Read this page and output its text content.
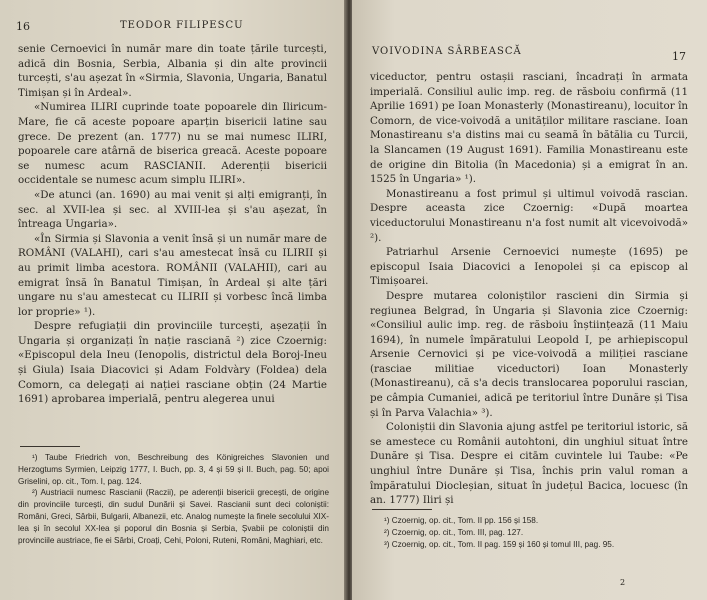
16	TEODOR FILIPESCU

senie Cernoevici în număr mare din toate țările turcești, adică din Bosnia, Serbia, Albania și din alte provincii turcești, s'au așezat în «Sirmia, Slavonia, Ungaria, Banatul Timișan și în Ardeal».

«Numirea ILIRI cuprinde toate popoarele din Iliricum-Mare, fie că aceste popoare aparțin bisericii latine sau grece. De prezent (an. 1777) nu se mai numesc ILIRI, popoarele care atârnă de biserica greacă. Aceste popoare se numesc acum RASCIANII. Aderenții bisericii occidentale se numesc acum simplu ILIRI».

«De atunci (an. 1690) au mai venit și alți emigranți, în sec. al XVII-lea și sec. al XVIII-lea și s'au așezat, în întreaga Ungaria».

«În Sirmia și Slavonia a venit însă și un număr mare de ROMÂNI (VALAHI), cari s'au amestecat însă cu ILIRII și au primit limba acestora. ROMÂNII (VALAHII), cari au emigrat însă în Banatul Timișan, în Ardeal și alte țări ungare nu s'au amestecat cu ILIRII și vorbesc încă limba lor proprie» ¹).

Despre refugiații din provinciile turcești, așezații în Ungaria și organizați în nație rasciană ²) zice Czoernig: «Episcopul dela Ineu (Ienopolis, districtul dela Boroj-Ineu și Giula) Isaia Diacovici și Adam Foldvàry (Foldea) dela Comorn, ca delegați ai nației rasciane obțin (24 Martie 1691) aprobarea imperială, pentru alegerea unui

¹) Taube Friedrich von, Beschreibung des Königreiches Slavonien und Herzogtums Syrmien, Leipzig 1777, I. Buch, pp. 3, 4 și 59 și II. Buch, pag. 50; apoi Griselini, op. cit., Tom. I, pag. 124.

²) Austriacii numesc Rascianii (Raczii), pe aderenții bisericii grecești, de origine din provinciile turcești, din sudul Dunării și Savei. Rascianii sunt deci coloniștii: Români, Greci, Sârbii, Bulgarii, Albanezii, etc. Analog numește la finele secolului XIX-lea și în secolul XX-lea și poporul din Bosnia și Serbia, Șvabii pe coloniștii din provinciile austriace, fie ei Sârbi, Croați, Cehi, Poloni, Ruteni, Români, Maghiari, etc.

VOIVODINA SÂRBEASCĂ	17

viceductor, pentru ostașii rasciani, încadrați în armata imperială. Consiliul aulic imp. reg. de răsboiu confirmă (11 Aprilie 1691) pe Ioan Monasterly (Monastireanu), locuitor în Comorn, de vice-voivodă a unităților militare rasciane. Ioan Monastireanu s'a distins mai cu seamă în bătălia cu Turcii, la Slancamen (19 August 1691). Familia Monastireanu este de origine din Bitolia (în Macedonia) și a emigrat în an. 1525 în Ungaria» ¹).

Monastireanu a fost primul și ultimul voivodă rascian. Despre aceasta zice Czoernig: «După moartea viceductorului Monastireanu n'a fost numit alt vicevoivodă» ²).

Patriarhul Arsenie Cernoevici numește (1695) pe episcopul Isaia Diacovici a Ienopolei și ca episcop al Timișoarei.

Despre mutarea coloniștilor rascieni din Sirmia și regiunea Belgrad, în Ungaria și Slavonia zice Czoernig: «Consiliul aulic imp. reg. de răsboiu înștiințează (11 Maiu 1694), în numele împăratului Leopold I, pe arhiepiscopul Arsenie Cernovici și pe vice-voivodă a miliției rasciane (rasciae militiae viceductori) Ioan Monasterly (Monastireanu), că s'a decis translocarea poporului rascian, pe câmpia Cumaniei, adică pe teritoriul între Dunăre și Tisa și în Parva Valachia» ³).

Coloniștii din Slavonia ajung astfel pe teritoriul istoric, să se amestece cu Românii autohtoni, din unghiul situat între Dunăre și Tisa. Despre ei citām cuvintele lui Taube: «Pe unghiul între Dunăre și Tisa, închis prin valul roman a împăratului Diocleșian, situat în județul Bacica, locuesc (în an. 1777) Iliri și

¹) Czoernig, op. cit., Tom. II pp. 156 și 158.

²) Czoernig, op. cit., Tom. III, pag. 127.

³) Czoernig, op. cit., Tom. II pag. 159 și 160 și tomul III, pag. 95.

2
